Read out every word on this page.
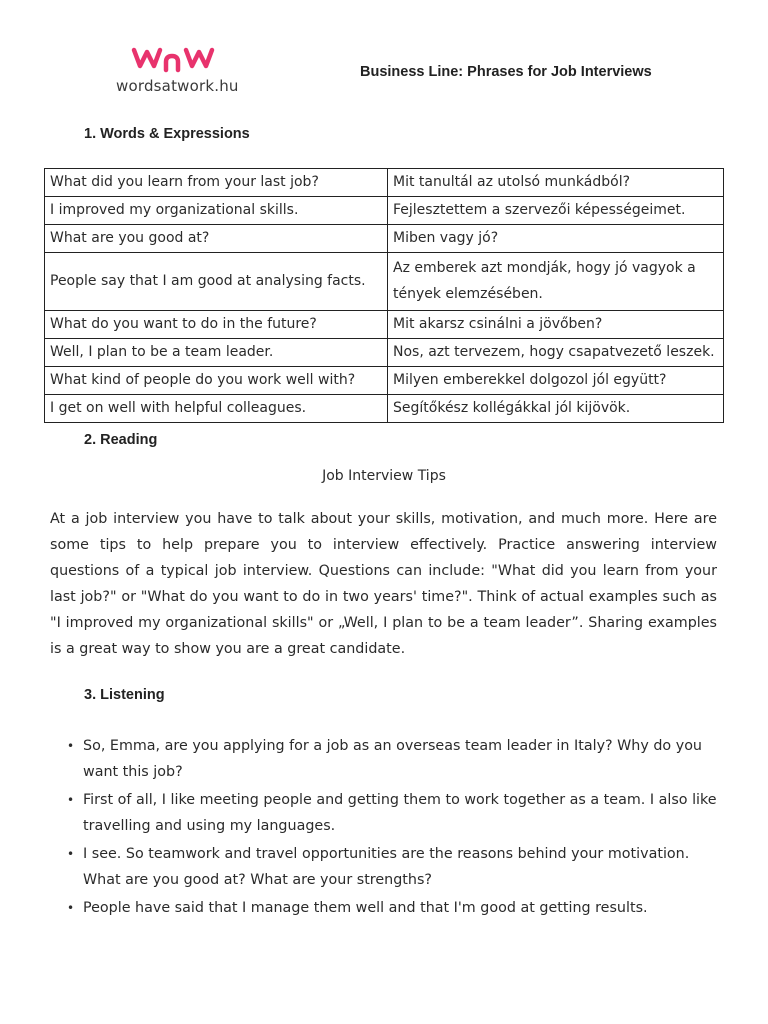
wordsatwork.hu
Business Line: Phrases for Job Interviews
1. Words & Expressions
What did you learn from your last job?	Mit tanultál az utolsó munkádból?
I improved my organizational skills.	Fejlesztettem a szervezői képességeimet.
What are you good at?	Miben vagy jó?
People say that I am good at analysing facts.	Az emberek azt mondják, hogy jó vagyok a tények elemzésében.
What do you want to do in the future?	Mit akarsz csinálni a jövőben?
Well, I plan to be a team leader.	Nos, azt tervezem, hogy csapatvezető leszek.
What kind of people do you work well with?	Milyen emberekkel dolgozol jól együtt?
I get on well with helpful colleagues.	Segítőkész kollégákkal jól kijövök.
2. Reading
Job Interview Tips
At a job interview you have to talk about your skills, motivation, and much more. Here are some tips to help prepare you to interview effectively. Practice answering interview questions of a typical job interview. Questions can include: "What did you learn from your last job?" or "What do you want to do in two years' time?". Think of actual examples such as "I improved my organizational skills" or „Well, I plan to be a team leader”. Sharing examples is a great way to show you are a great candidate.
3. Listening
• So, Emma, are you applying for a job as an overseas team leader in Italy? Why do you want this job?
• First of all, I like meeting people and getting them to work together as a team. I also like travelling and using my languages.
• I see. So teamwork and travel opportunities are the reasons behind your motivation. What are you good at? What are your strengths?
• People have said that I manage them well and that I'm good at getting results.
